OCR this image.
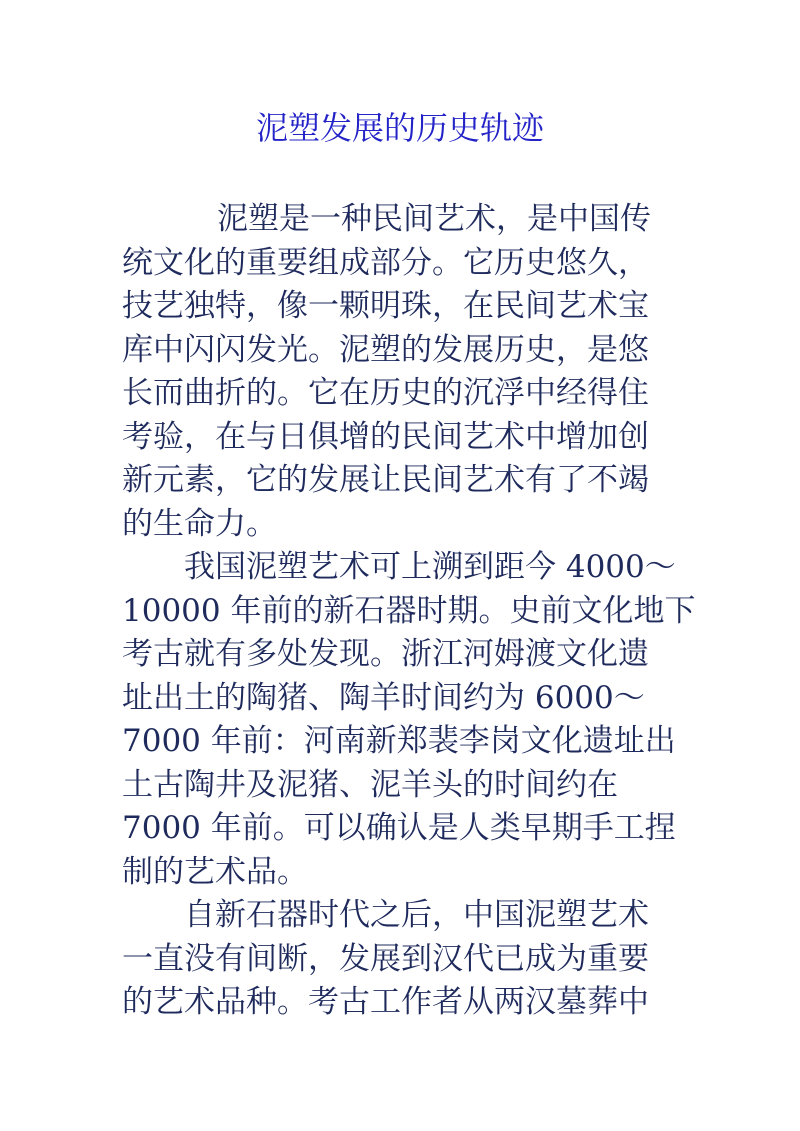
泥塑发展的历史轨迹
泥塑是一种民间艺术，是中国传
统文化的重要组成部分。它历史悠久，
技艺独特，像一颗明珠，在民间艺术宝
库中闪闪发光。泥塑的发展历史，是悠
长而曲折的。它在历史的沉浮中经得住
考验，在与日俱增的民间艺术中增加创
新元素，它的发展让民间艺术有了不竭
的生命力。
我国泥塑艺术可上溯到距今 4000～
10000 年前的新石器时期。史前文化地下
考古就有多处发现。浙江河姆渡文化遗
址出土的陶猪、陶羊时间约为 6000～
7000 年前：河南新郑裴李岗文化遗址出
土古陶井及泥猪、泥羊头的时间约在
7000 年前。可以确认是人类早期手工捏
制的艺术品。
自新石器时代之后，中国泥塑艺术
一直没有间断，发展到汉代已成为重要
的艺术品种。考古工作者从两汉墓葬中
